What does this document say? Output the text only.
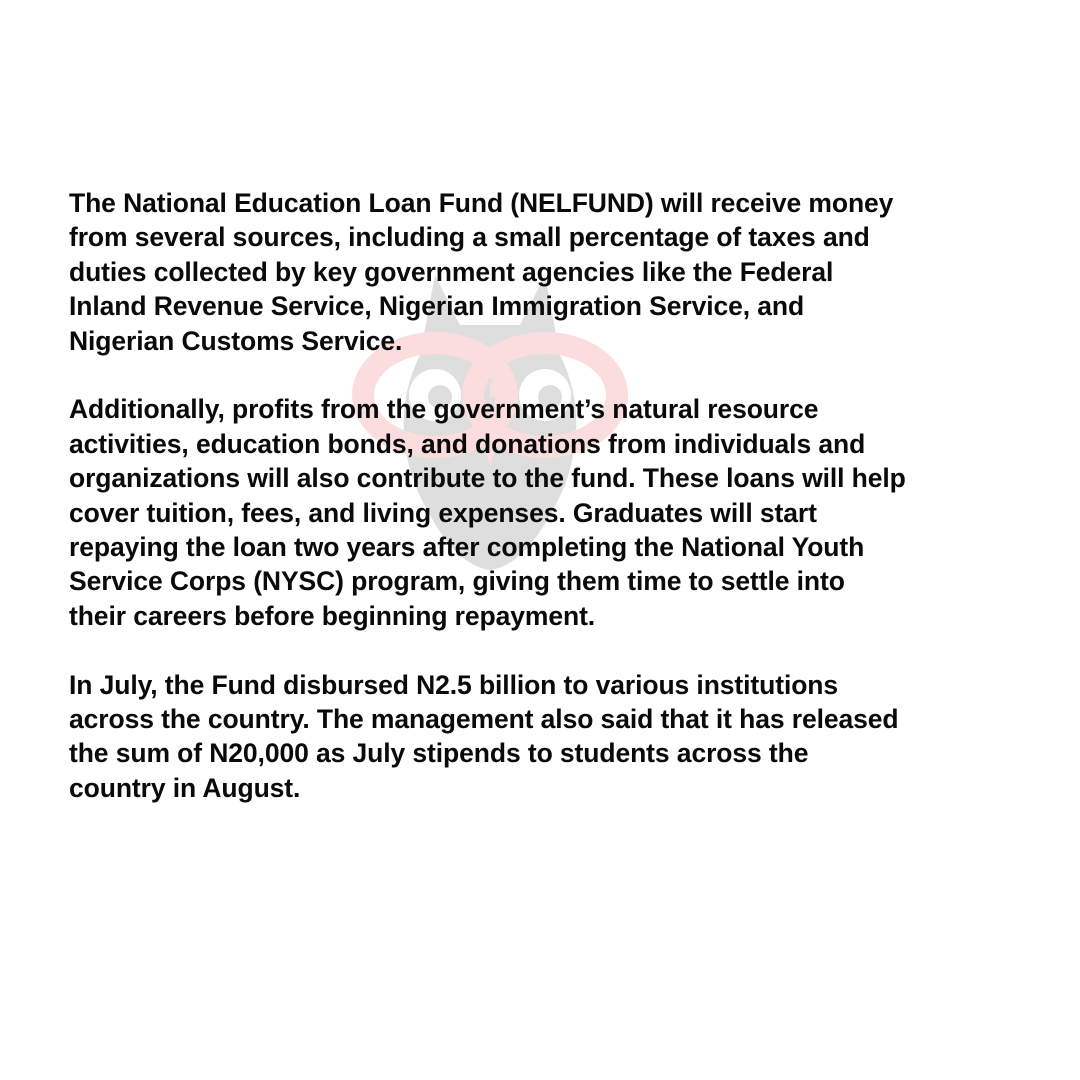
The National Education Loan Fund (NELFUND) will receive money
from several sources, including a small percentage of taxes and
duties collected by key government agencies like the Federal
Inland Revenue Service, Nigerian Immigration Service, and
Nigerian Customs Service.

Additionally, profits from the government’s natural resource
activities, education bonds, and donations from individuals and
organizations will also contribute to the fund. These loans will help
cover tuition, fees, and living expenses. Graduates will start
repaying the loan two years after completing the National Youth
Service Corps (NYSC) program, giving them time to settle into
their careers before beginning repayment.

In July, the Fund disbursed N2.5 billion to various institutions
across the country. The management also said that it has released
the sum of N20,000 as July stipends to students across the
country in August.
